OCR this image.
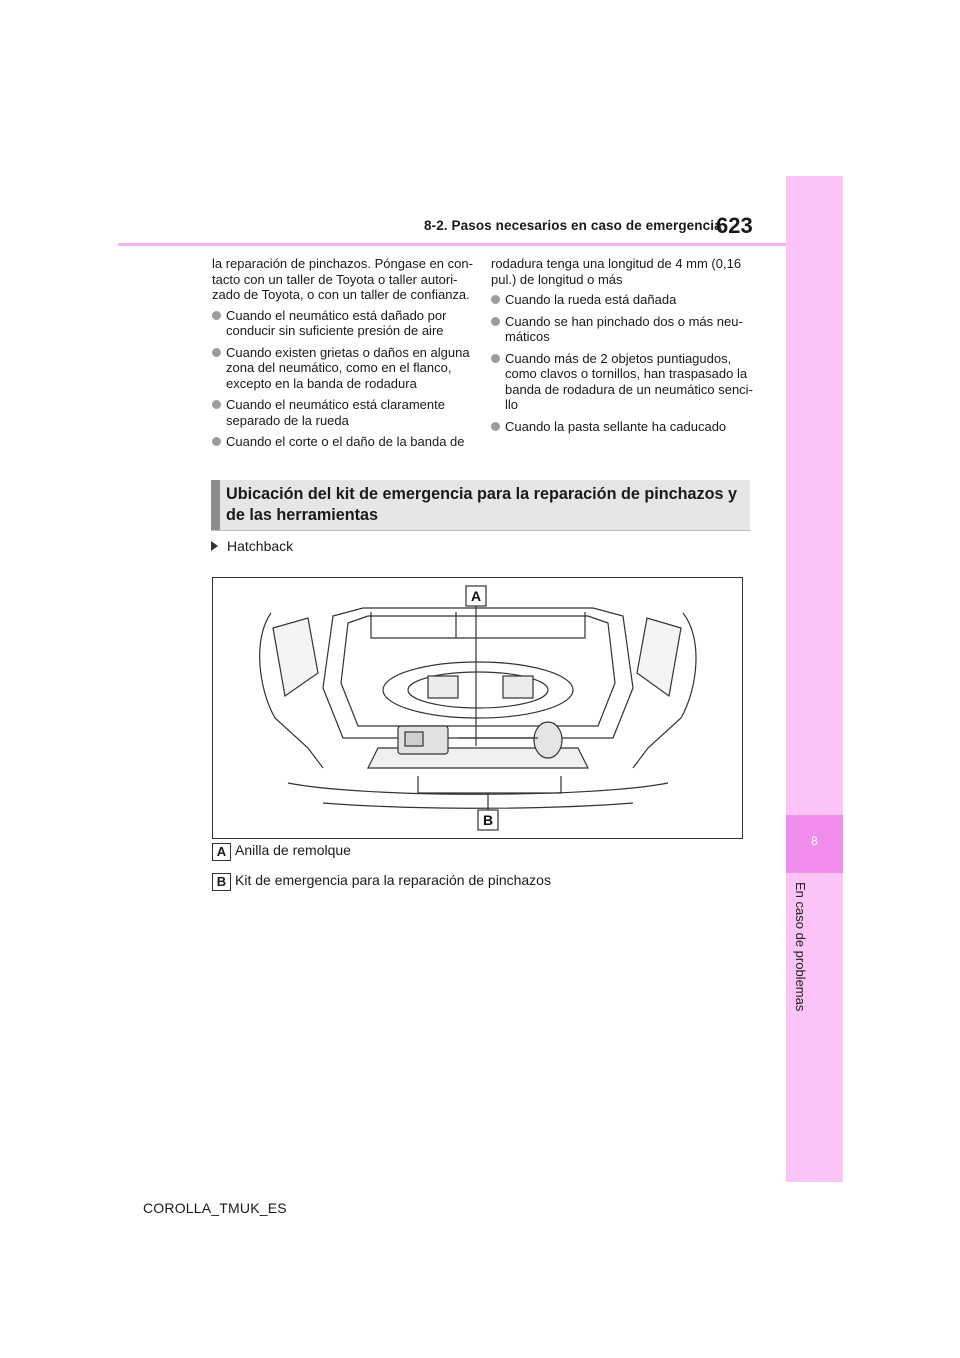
8-2. Pasos necesarios en caso de emergencia
623
8
En caso de problemas

la reparación de pinchazos. Póngase en con-tacto con un taller de Toyota o taller autori-zado de Toyota, o con un taller de confianza.

Cuando el neumático está dañado por conducir sin suficiente presión de aire
Cuando existen grietas o daños en alguna zona del neumático, como en el flanco, excepto en la banda de rodadura
Cuando el neumático está claramente separado de la rueda
Cuando el corte o el daño de la banda de

rodadura tenga una longitud de 4 mm (0,16 pul.) de longitud o más

Cuando la rueda está dañada
Cuando se han pinchado dos o más neu-máticos
Cuando más de 2 objetos puntiagudos, como clavos o tornillos, han traspasado la banda de rodadura de un neumático senci-llo
Cuando la pasta sellante ha caducado
Ubicación del kit de emergencia para la reparación de pinchazos y de las herramientas
Hatchback
A
B
A Anilla de remolque
B Kit de emergencia para la reparación de pinchazos
COROLLA_TMUK_ES
